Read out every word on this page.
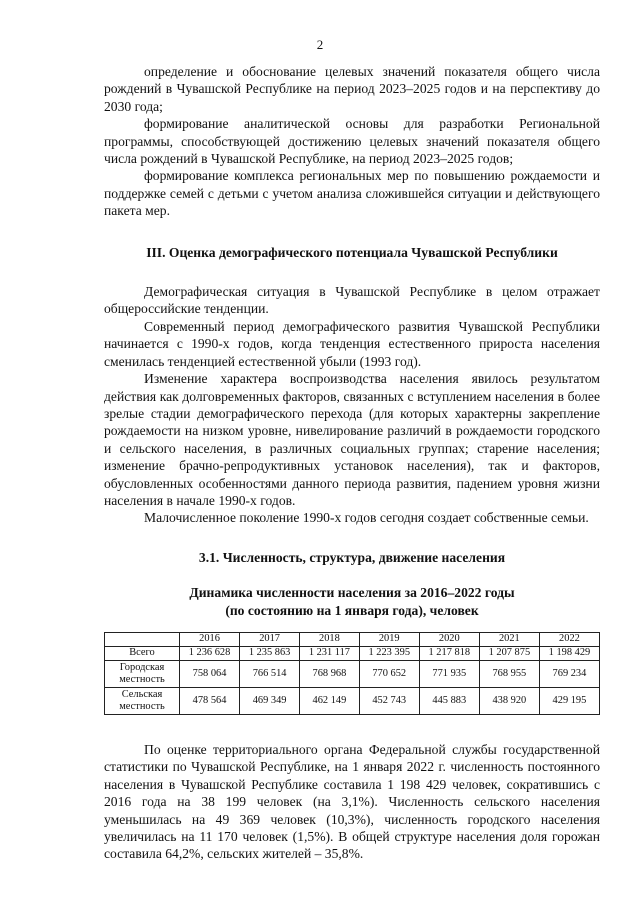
2

определение и обоснование целевых значений показателя общего числа рождений в Чувашской Республике на период 2023–2025 годов и на перспективу до 2030 года;

формирование аналитической основы для разработки Региональной программы, способствующей достижению целевых значений показателя общего числа рождений в Чувашской Республике, на период 2023–2025 годов;

формирование комплекса региональных мер по повышению рождаемости и поддержке семей с детьми с учетом анализа сложившейся ситуации и действующего пакета мер.

III. Оценка демографического потенциала Чувашской Республики

Демографическая ситуация в Чувашской Республике в целом отражает общероссийские тенденции.

Современный период демографического развития Чувашской Республики начинается с 1990-х годов, когда тенденция естественного прироста населения сменилась тенденцией естественной убыли (1993 год).

Изменение характера воспроизводства населения явилось результатом действия как долговременных факторов, связанных с вступлением населения в более зрелые стадии демографического перехода (для которых характерны закрепление рождаемости на низком уровне, нивелирование различий в рождаемости городского и сельского населения, в различных социальных группах; старение населения; изменение брачно-репродуктивных установок населения), так и факторов, обусловленных особенностями данного периода развития, падением уровня жизни населения в начале 1990-х годов.

Малочисленное поколение 1990-х годов сегодня создает собственные семьи.

3.1. Численность, структура, движение населения
Динамика численности населения за 2016–2022 годы
(по состоянию на 1 января года), человек
	2016	2017	2018	2019	2020	2021	2022
Всего	1 236 628	1 235 863	1 231 117	1 223 395	1 217 818	1 207 875	1 198 429
Городская местность	758 064	766 514	768 968	770 652	771 935	768 955	769 234
Сельская местность	478 564	469 349	462 149	452 743	445 883	438 920	429 195

По оценке территориального органа Федеральной службы государственной статистики по Чувашской Республике, на 1 января 2022 г. численность постоянного населения в Чувашской Республике составила 1 198 429 человек, сократившись с 2016 года на 38 199 человек (на 3,1%). Численность сельского населения уменьшилась на 49 369 человек (10,3%), численность городского населения увеличилась на 11 170 человек (1,5%). В общей структуре населения доля горожан составила 64,2%, сельских жителей – 35,8%.
